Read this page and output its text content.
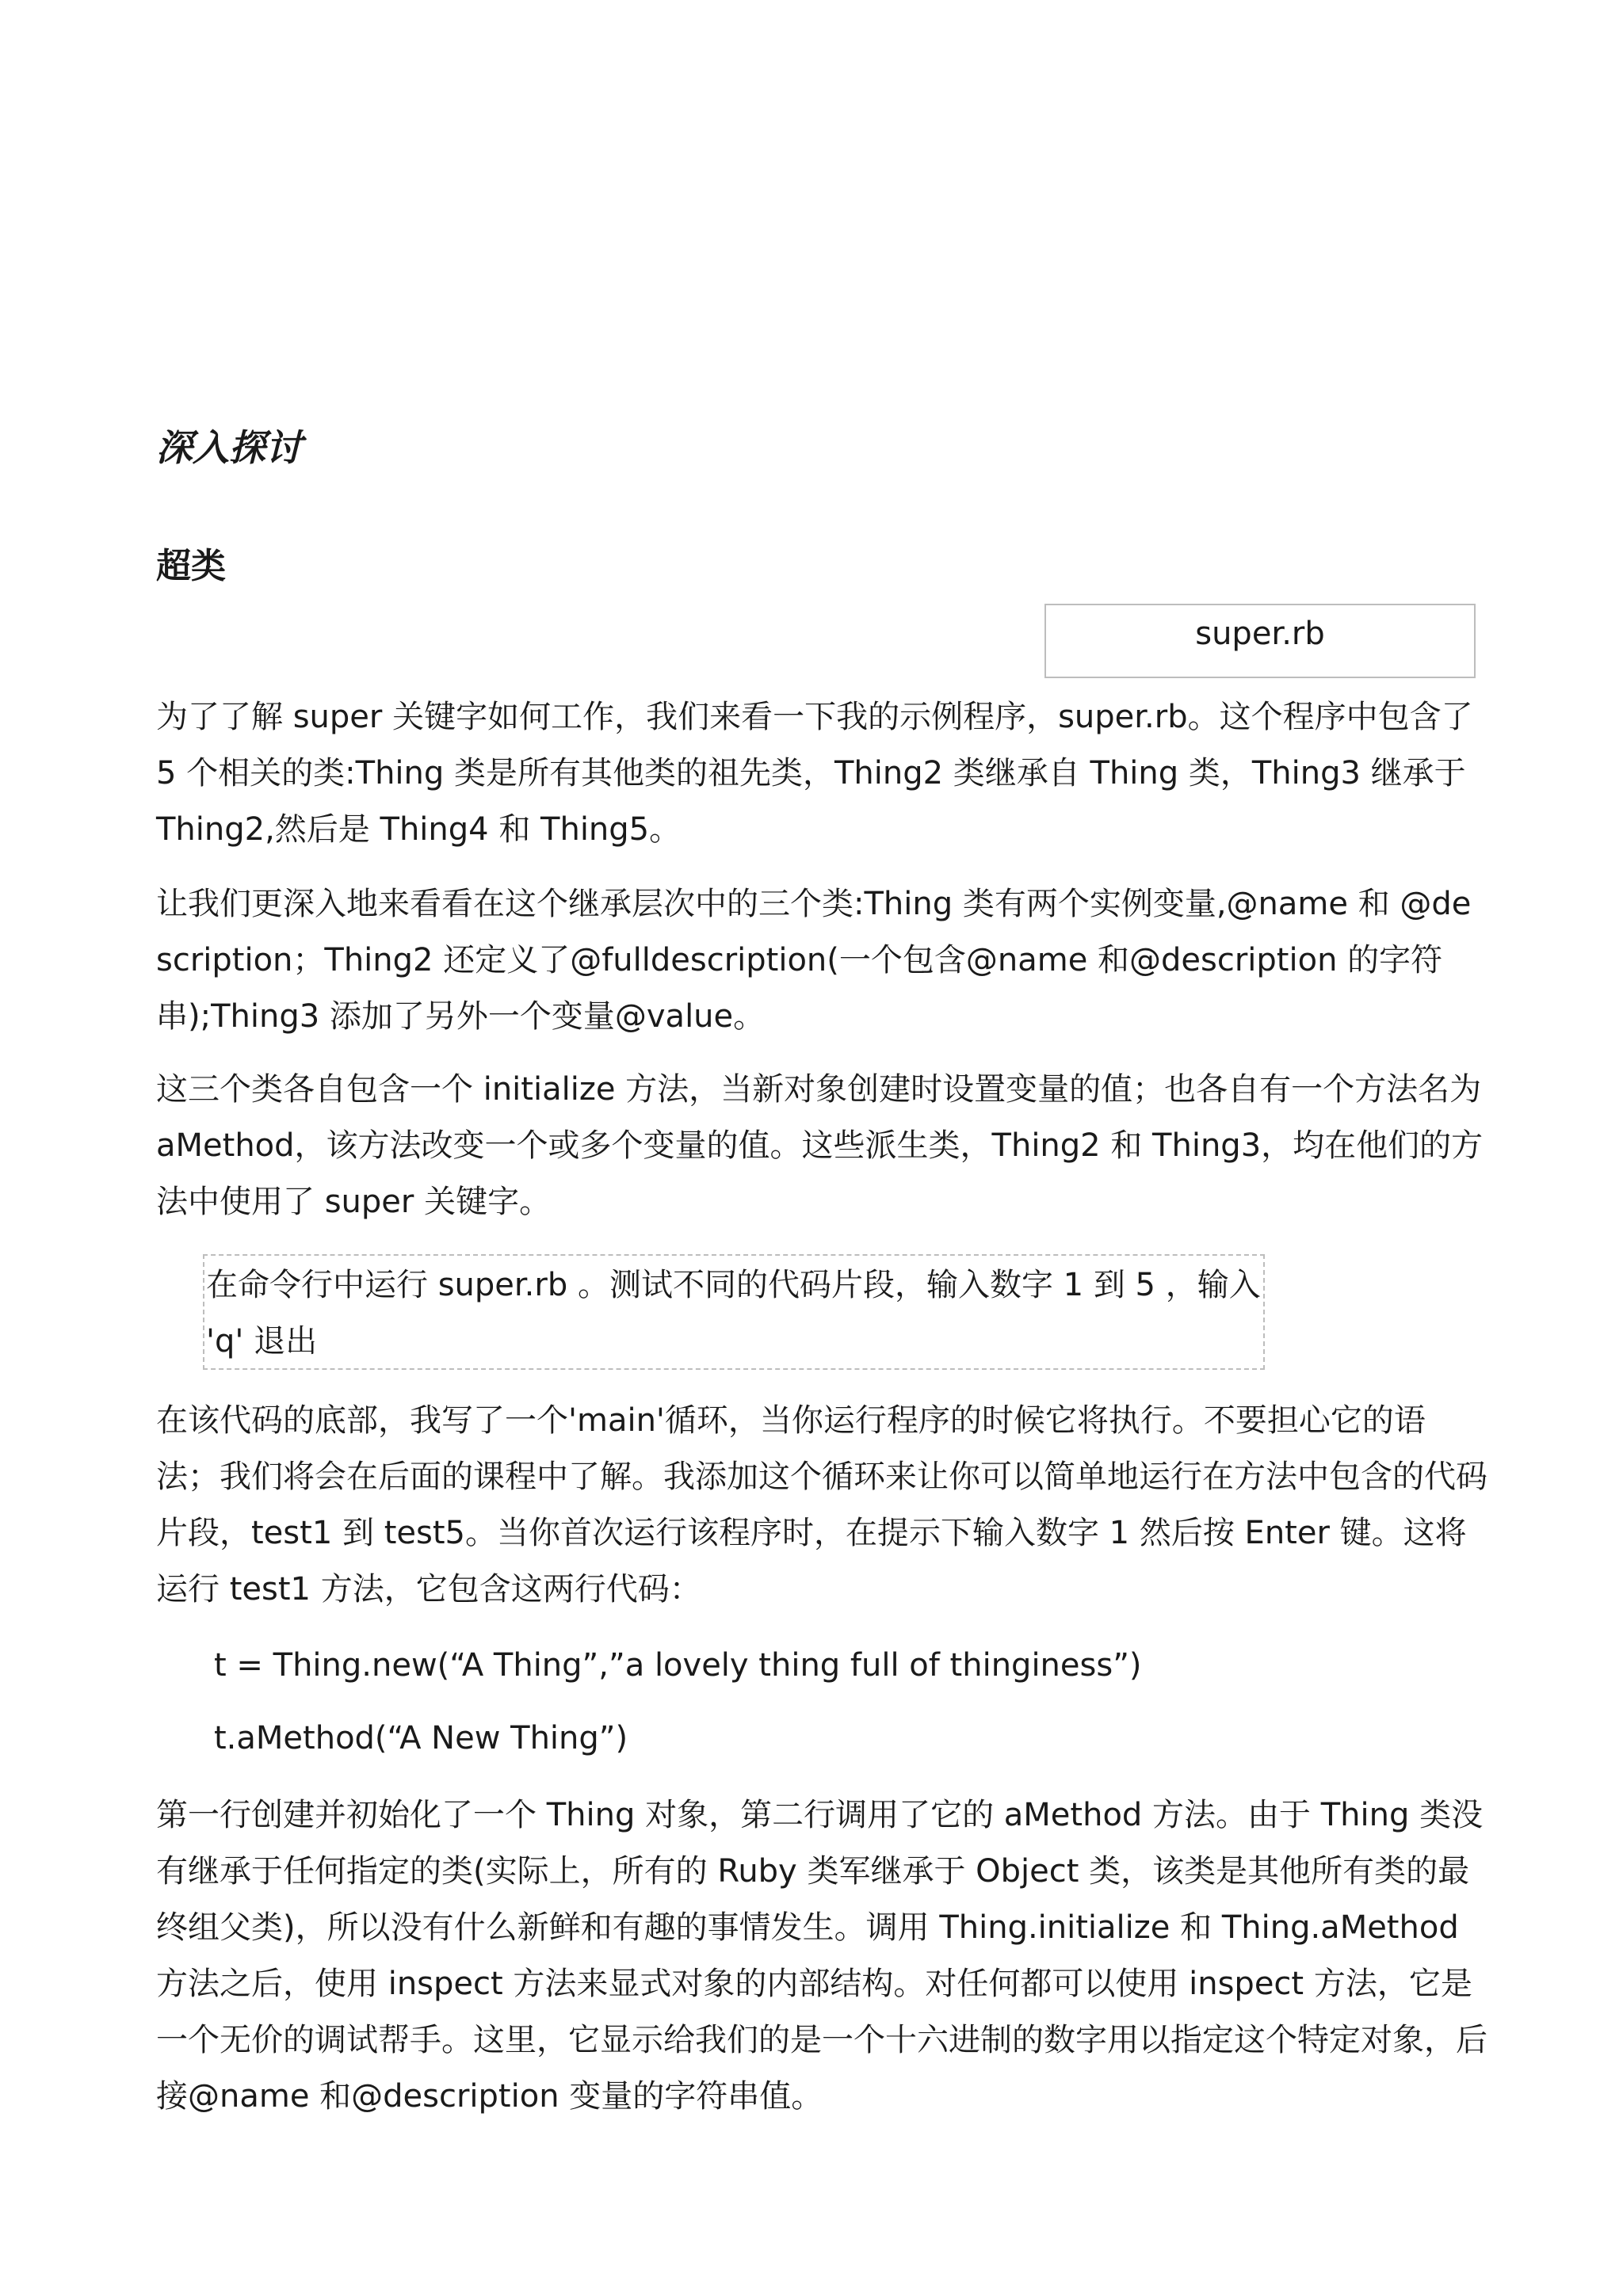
深入探讨
超类
super.rb

为了了解 super 关键字如何工作，我们来看一下我的示例程序，super.rb。这个程序中包含了 5 个相关的类:Thing 类是所有其他类的祖先类，Thing2 类继承自 Thing 类，Thing3 继承于 Thing2,然后是 Thing4 和 Thing5。

让我们更深入地来看看在这个继承层次中的三个类:Thing 类有两个实例变量,@name 和 @description；Thing2 还定义了@fulldescription(一个包含@name 和@description 的字符串);Thing3 添加了另外一个变量@value。

这三个类各自包含一个 initialize 方法，当新对象创建时设置变量的值；也各自有一个方法名为 aMethod，该方法改变一个或多个变量的值。这些派生类，Thing2 和 Thing3，均在他们的方法中使用了 super 关键字。

在命令行中运行 super.rb 。测试不同的代码片段，输入数字 1 到 5 ，输入 'q' 退出

在该代码的底部，我写了一个'main'循环，当你运行程序的时候它将执行。不要担心它的语法；我们将会在后面的课程中了解。我添加这个循环来让你可以简单地运行在方法中包含的代码片段，test1 到 test5。当你首次运行该程序时，在提示下输入数字 1 然后按 Enter 键。这将运行 test1 方法，它包含这两行代码：

t = Thing.new(“A Thing”,”a lovely thing full of thinginess”)

t.aMethod(“A New Thing”)

第一行创建并初始化了一个 Thing 对象，第二行调用了它的 aMethod 方法。由于 Thing 类没有继承于任何指定的类(实际上，所有的 Ruby 类军继承于 Object 类，该类是其他所有类的最终组父类)，所以没有什么新鲜和有趣的事情发生。调用 Thing.initialize 和 Thing.aMethod 方法之后，使用 inspect 方法来显式对象的内部结构。对任何都可以使用 inspect 方法，它是一个无价的调试帮手。这里，它显示给我们的是一个十六进制的数字用以指定这个特定对象，后接@name 和@description 变量的字符串值。
